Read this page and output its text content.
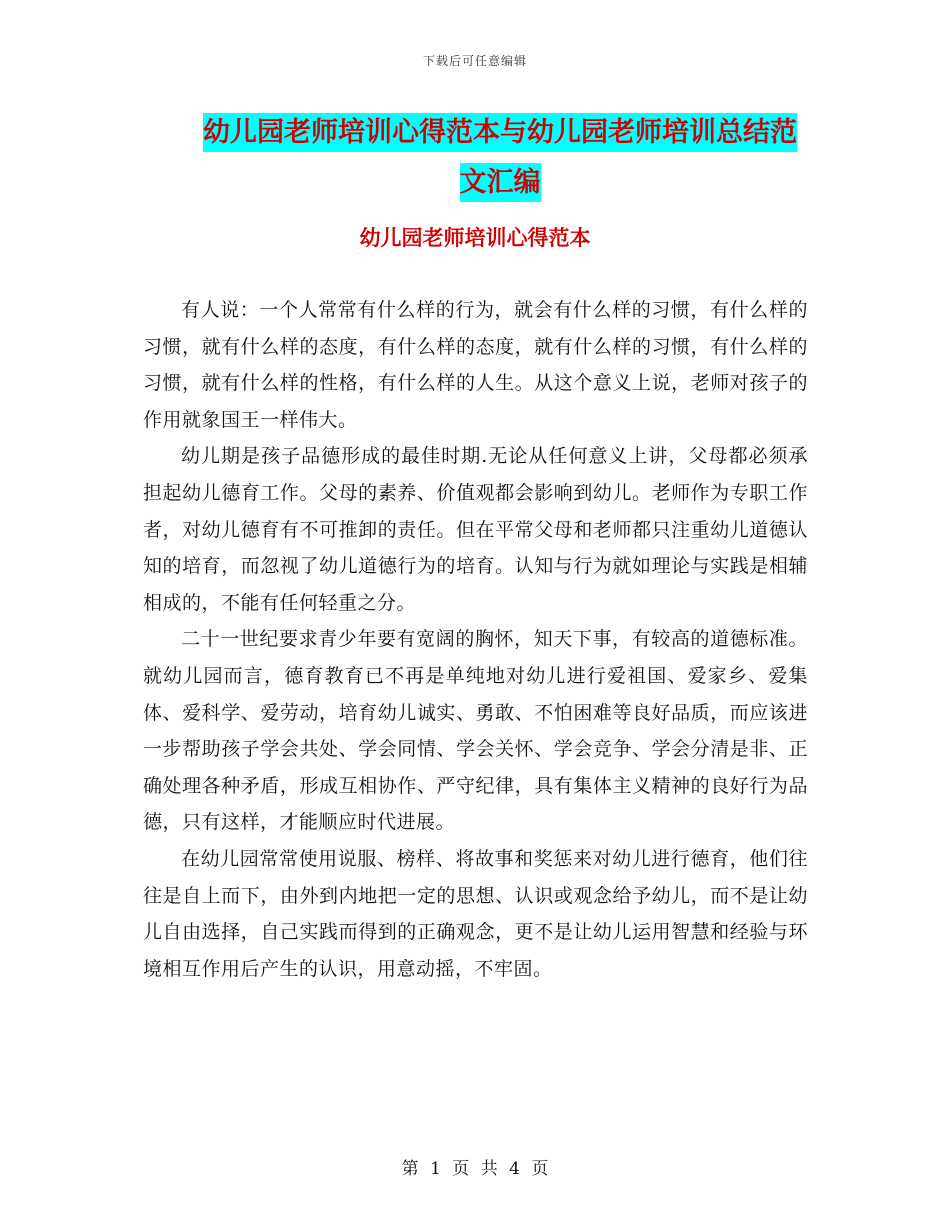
下载后可任意编辑
幼儿园老师培训心得范本与幼儿园老师培训总结范文汇编
幼儿园老师培训心得范本

有人说：一个人常常有什么样的行为，就会有什么样的习惯，有什么样的习惯，就有什么样的态度，有什么样的态度，就有什么样的习惯，有什么样的习惯，就有什么样的性格，有什么样的人生。从这个意义上说，老师对孩子的作用就象国王一样伟大。

幼儿期是孩子品德形成的最佳时期.无论从任何意义上讲，父母都必须承担起幼儿德育工作。父母的素养、价值观都会影响到幼儿。老师作为专职工作者，对幼儿德育有不可推卸的责任。但在平常父母和老师都只注重幼儿道德认知的培育，而忽视了幼儿道德行为的培育。认知与行为就如理论与实践是相辅相成的，不能有任何轻重之分。

二十一世纪要求青少年要有宽阔的胸怀，知天下事，有较高的道德标准。就幼儿园而言，德育教育已不再是单纯地对幼儿进行爱祖国、爱家乡、爱集体、爱科学、爱劳动，培育幼儿诚实、勇敢、不怕困难等良好品质，而应该进一步帮助孩子学会共处、学会同情、学会关怀、学会竞争、学会分清是非、正确处理各种矛盾，形成互相协作、严守纪律，具有集体主义精神的良好行为品德，只有这样，才能顺应时代进展。

在幼儿园常常使用说服、榜样、将故事和奖惩来对幼儿进行德育，他们往往是自上而下，由外到内地把一定的思想、认识或观念给予幼儿，而不是让幼儿自由选择，自己实践而得到的正确观念，更不是让幼儿运用智慧和经验与环境相互作用后产生的认识，用意动摇，不牢固。

第 1 页 共 4 页
